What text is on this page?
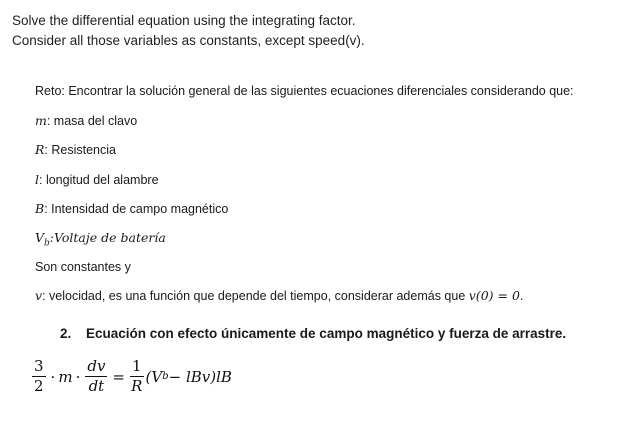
Solve the differential equation using the integrating factor.
Consider all those variables as constants, except speed(v).
Reto: Encontrar la solución general de las siguientes ecuaciones diferenciales considerando que:
m: masa del clavo
R: Resistencia
l: longitud del alambre
B: Intensidad de campo magnético
$V_b:Voltaje$ de batería
Son constantes y
v: velocidad, es una función que depende del tiempo, considerar además que v(0) = 0.
2. Ecuación con efecto únicamente de campo magnético y fuerza de arrastre.
$\frac{3}{2} \cdot m \cdot \frac{dv}{dt} = \frac{1}{R} (V$ b − lBv)lB
